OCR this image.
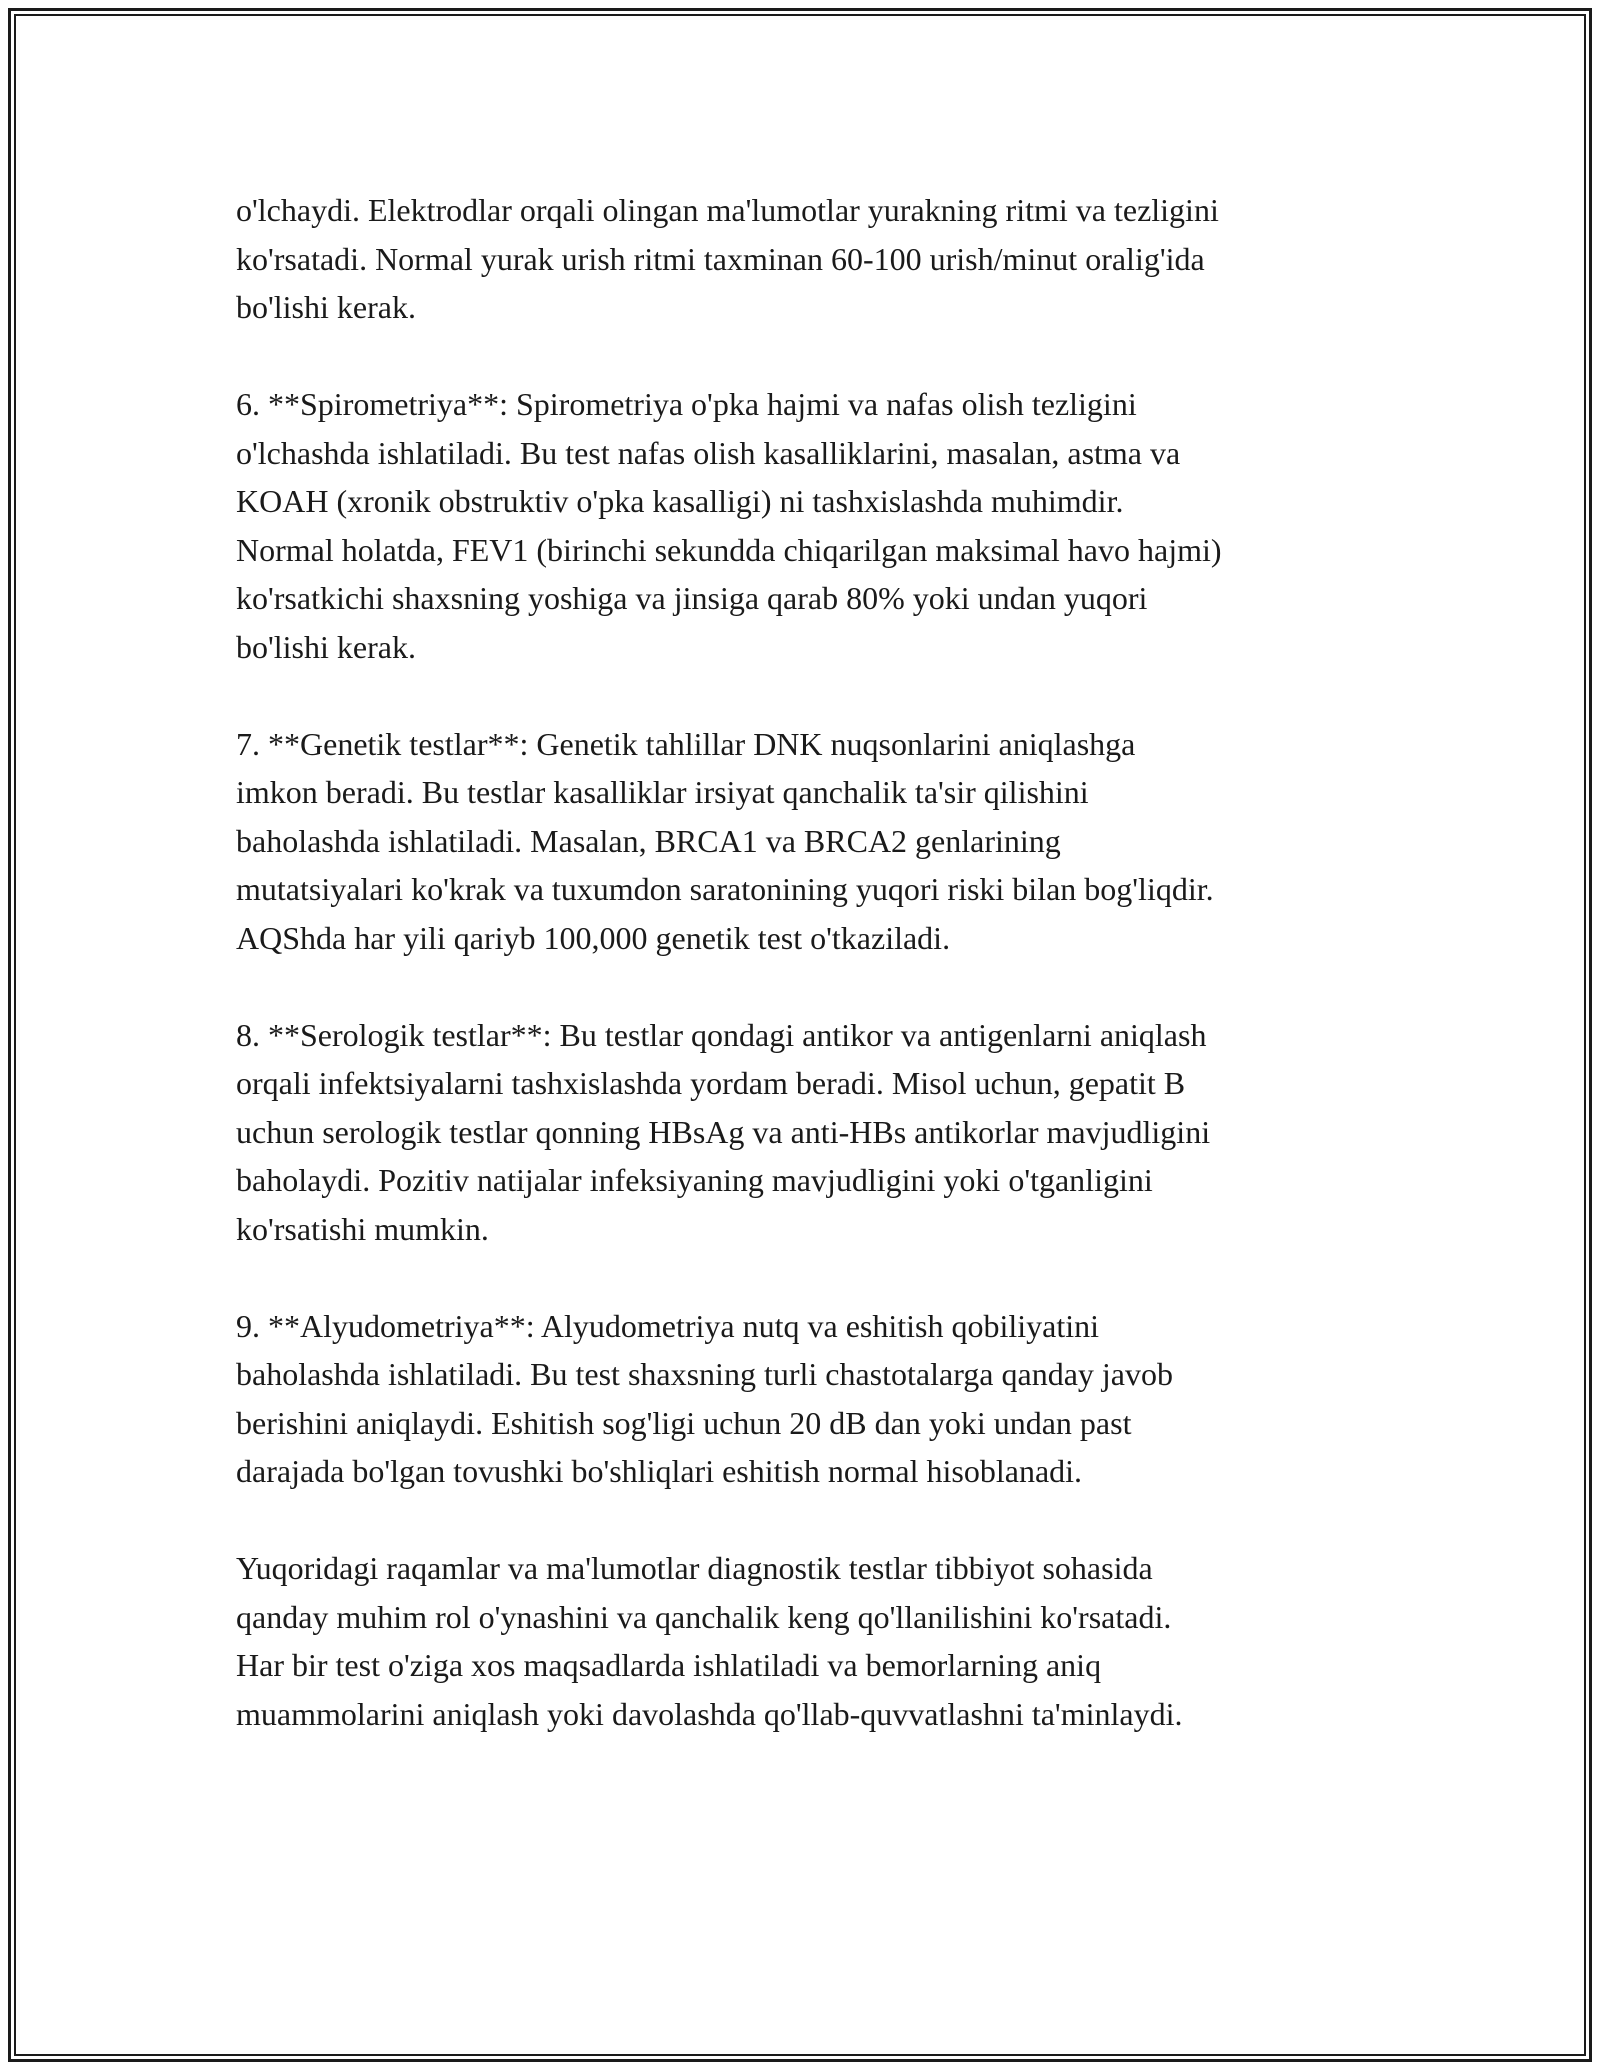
o'lchaydi. Elektrodlar orqali olingan ma'lumotlar yurakning ritmi va tezligini
ko'rsatadi. Normal yurak urish ritmi taxminan 60-100 urish/minut oralig'ida
bo'lishi kerak.

6. **Spirometriya**: Spirometriya o'pka hajmi va nafas olish tezligini
o'lchashda ishlatiladi. Bu test nafas olish kasalliklarini, masalan, astma va
KOAH (xronik obstruktiv o'pka kasalligi) ni tashxislashda muhimdir.
Normal holatda, FEV1 (birinchi sekundda chiqarilgan maksimal havo hajmi)
ko'rsatkichi shaxsning yoshiga va jinsiga qarab 80% yoki undan yuqori
bo'lishi kerak.

7. **Genetik testlar**: Genetik tahlillar DNK nuqsonlarini aniqlashga
imkon beradi. Bu testlar kasalliklar irsiyat qanchalik ta'sir qilishini
baholashda ishlatiladi. Masalan, BRCA1 va BRCA2 genlarining
mutatsiyalari ko'krak va tuxumdon saratonining yuqori riski bilan bog'liqdir.
AQShda har yili qariyb 100,000 genetik test o'tkaziladi.

8. **Serologik testlar**: Bu testlar qondagi antikor va antigenlarni aniqlash
orqali infektsiyalarni tashxislashda yordam beradi. Misol uchun, gepatit B
uchun serologik testlar qonning HBsAg va anti-HBs antikorlar mavjudligini
baholaydi. Pozitiv natijalar infeksiyaning mavjudligini yoki o'tganligini
ko'rsatishi mumkin.

9. **Alyudometriya**: Alyudometriya nutq va eshitish qobiliyatini
baholashda ishlatiladi. Bu test shaxsning turli chastotalarga qanday javob
berishini aniqlaydi. Eshitish sog'ligi uchun 20 dB dan yoki undan past
darajada bo'lgan tovushki bo'shliqlari eshitish normal hisoblanadi.

Yuqoridagi raqamlar va ma'lumotlar diagnostik testlar tibbiyot sohasida
qanday muhim rol o'ynashini va qanchalik keng qo'llanilishini ko'rsatadi.
Har bir test o'ziga xos maqsadlarda ishlatiladi va bemorlarning aniq
muammolarini aniqlash yoki davolashda qo'llab-quvvatlashni ta'minlaydi.
